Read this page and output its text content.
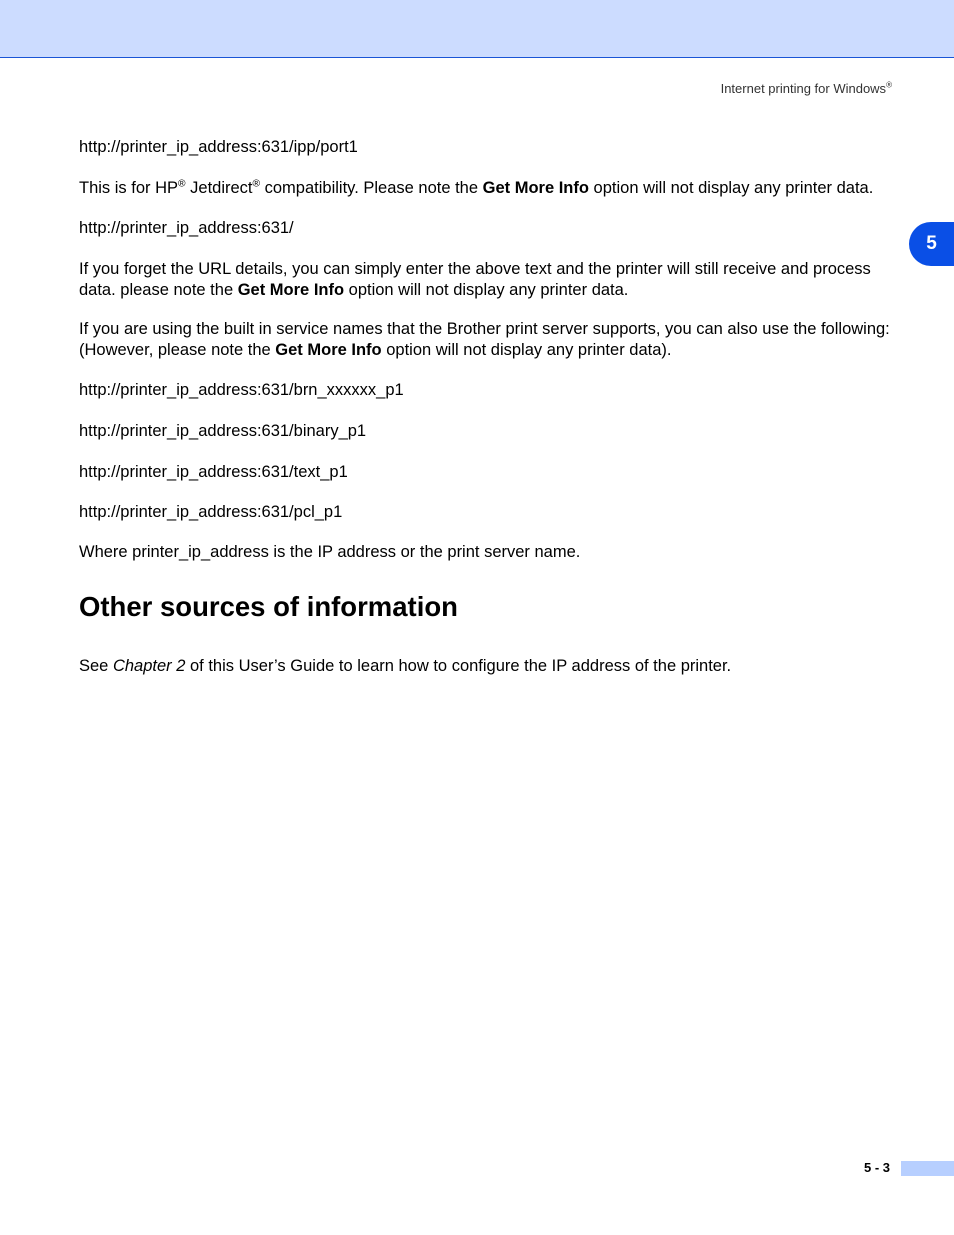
Internet printing for Windows®
5

http://printer_ip_address:631/ipp/port1

This is for HP® Jetdirect® compatibility. Please note the Get More Info option will not display any printer data.

http://printer_ip_address:631/

If you forget the URL details, you can simply enter the above text and the printer will still receive and process data. please note the Get More Info option will not display any printer data.

If you are using the built in service names that the Brother print server supports, you can also use the following: (However, please note the Get More Info option will not display any printer data).

http://printer_ip_address:631/brn_xxxxxx_p1

http://printer_ip_address:631/binary_p1

http://printer_ip_address:631/text_p1

http://printer_ip_address:631/pcl_p1

Where printer_ip_address is the IP address or the print server name.

Other sources of information

See Chapter 2 of this User’s Guide to learn how to configure the IP address of the printer.

5 - 3
